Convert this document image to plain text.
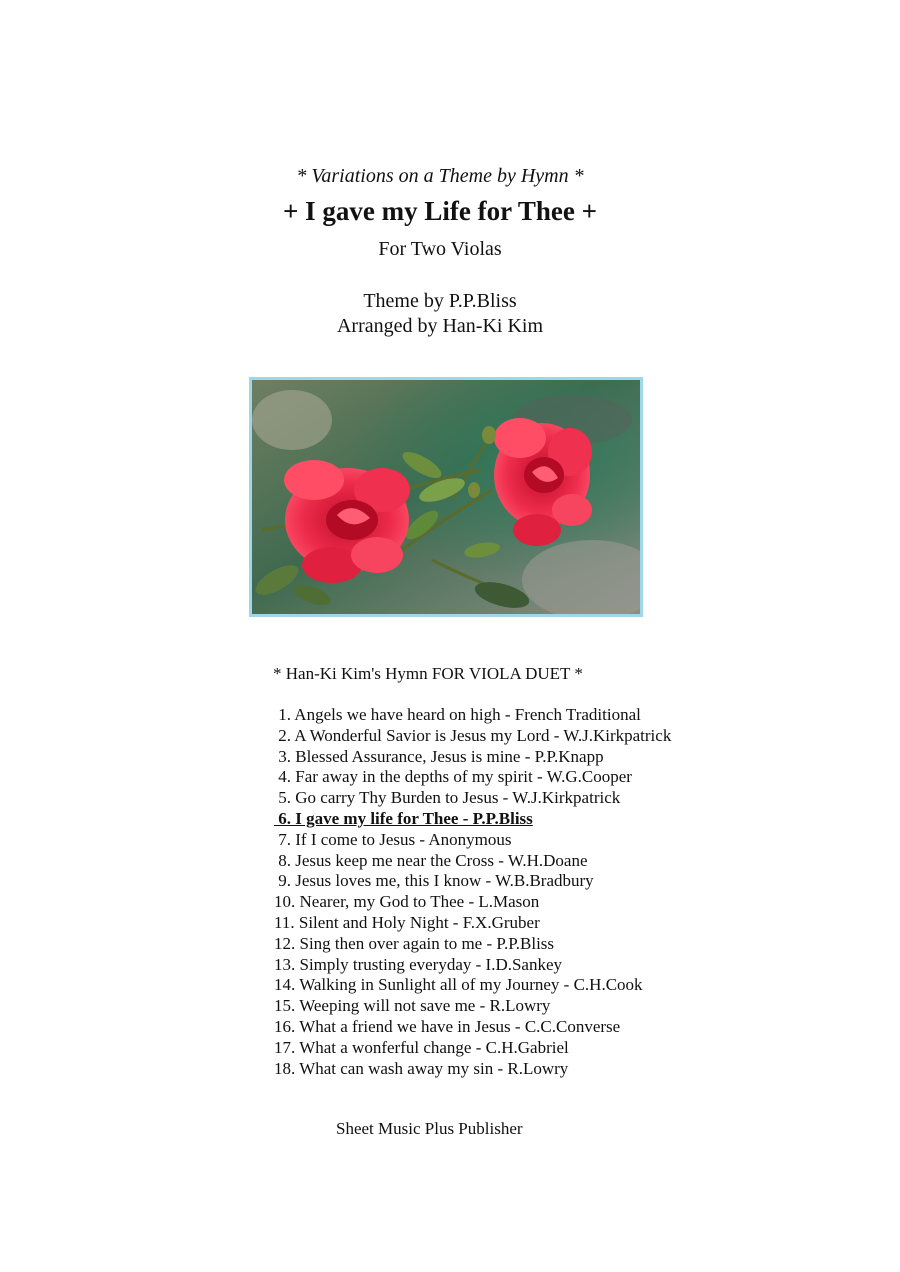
* Variations on a Theme by Hymn *
+ I gave my Life for Thee +
For Two Violas
Theme by P.P.Bliss
Arranged by Han-Ki Kim
* Han-Ki Kim's Hymn FOR VIOLA DUET *
1. Angels we have heard on high - French Traditional
2. A Wonderful Savior is Jesus my Lord - W.J.Kirkpatrick
3. Blessed Assurance, Jesus is mine - P.P.Knapp
4. Far away in the depths of my spirit - W.G.Cooper
5. Go carry Thy Burden to Jesus - W.J.Kirkpatrick
6. I gave my life for Thee - P.P.Bliss
7. If I come to Jesus - Anonymous
8. Jesus keep me near the Cross - W.H.Doane
9. Jesus loves me, this I know - W.B.Bradbury
10. Nearer, my God to Thee - L.Mason
11. Silent and Holy Night - F.X.Gruber
12. Sing then over again to me - P.P.Bliss
13. Simply trusting everyday - I.D.Sankey
14. Walking in Sunlight all of my Journey - C.H.Cook
15. Weeping will not save me - R.Lowry
16. What a friend we have in Jesus - C.C.Converse
17. What a wonferful change - C.H.Gabriel
18. What can wash away my sin - R.Lowry
Sheet Music Plus Publisher
